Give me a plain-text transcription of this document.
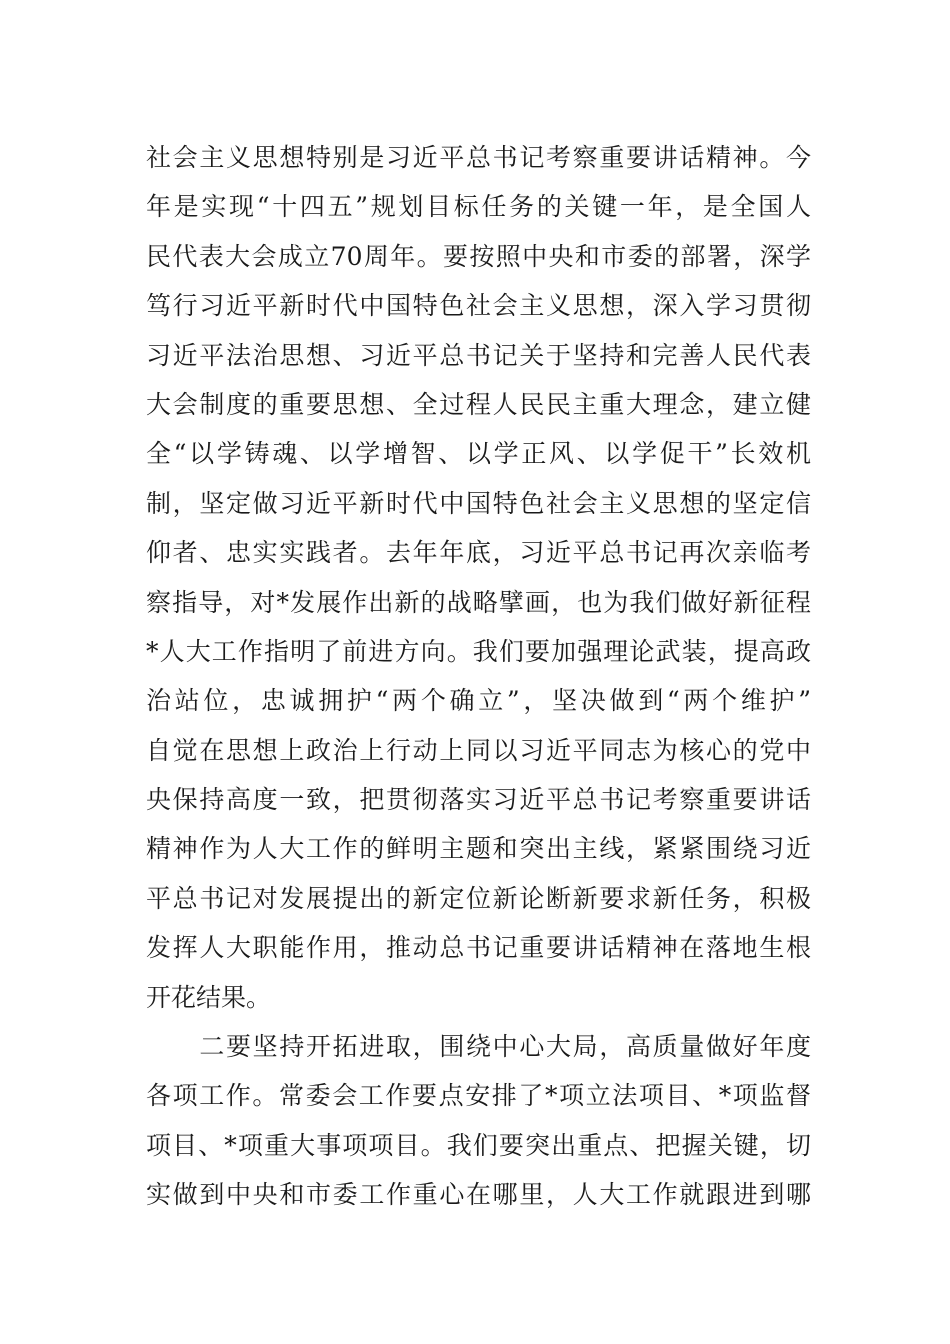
社会主义思想特别是习近平总书记考察重要讲话精神。今
年是实现“十四五”规划目标任务的关键一年，是全国人
民代表大会成立70周年。要按照中央和市委的部署，深学
笃行习近平新时代中国特色社会主义思想，深入学习贯彻
习近平法治思想、习近平总书记关于坚持和完善人民代表
大会制度的重要思想、全过程人民民主重大理念，建立健
全“以学铸魂、以学增智、以学正风、以学促干”长效机
制，坚定做习近平新时代中国特色社会主义思想的坚定信
仰者、忠实实践者。去年年底，习近平总书记再次亲临考
察指导，对*发展作出新的战略擘画，也为我们做好新征程
*人大工作指明了前进方向。我们要加强理论武装，提高政
治站位，忠诚拥护“两个确立”，坚决做到“两个维护”
自觉在思想上政治上行动上同以习近平同志为核心的党中
央保持高度一致，把贯彻落实习近平总书记考察重要讲话
精神作为人大工作的鲜明主题和突出主线，紧紧围绕习近
平总书记对发展提出的新定位新论断新要求新任务，积极
发挥人大职能作用，推动总书记重要讲话精神在落地生根
开花结果。
　　二要坚持开拓进取，围绕中心大局，高质量做好年度
各项工作。常委会工作要点安排了*项立法项目、*项监督
项目、*项重大事项项目。我们要突出重点、把握关键，切
实做到中央和市委工作重心在哪里，人大工作就跟进到哪
